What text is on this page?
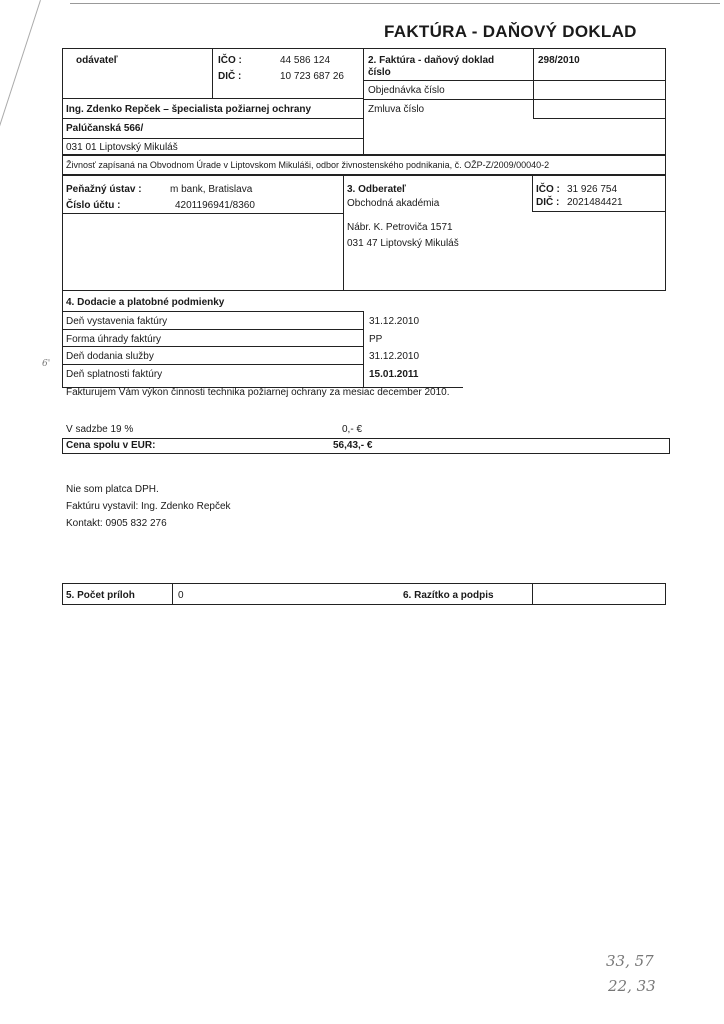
FAKTÚRA - DAŇOVÝ DOKLAD
odávateľ	IČO :	44 586 124
DIČ :	10 723 687 26
2. Faktúra - daňový doklad
číslo
298/2010
Objednávka číslo
Zmluva číslo
Ing. Zdenko Repček – špecialista požiarnej ochrany
Palúčanská 566/
031 01 Liptovský Mikuláš
Živnosť zapísaná na Obvodnom Úrade v Liptovskom Mikuláši, odbor živnostenského podnikania, č. OŽP-Z/2009/00040-2
Peňažný ústav :	m bank, Bratislava
Číslo účtu :	4201196941/8360
3. Odberateľ
Obchodná akadémia
Nábr. K. Petroviča 1571
031 47 Liptovský Mikuláš
IČO : 31 926 754
DIČ : 2021484421
4. Dodacie a platobné podmienky
Deň vystavenia faktúry	31.12.2010
Forma úhrady faktúry	PP
Deň dodania služby	31.12.2010
Deň splatnosti faktúry	15.01.2011
Fakturujem Vám výkon činnosti technika požiarnej ochrany za mesiac december 2010.
V sadzbe 19 %	0,- €
Cena spolu v EUR:	56,43,- €
Nie som platca DPH.
Faktúru vystavil: Ing. Zdenko Repček
Kontakt: 0905 832 276
5. Počet príloh	0	6. Razítko a podpis
6'
33, 57
22, 33
